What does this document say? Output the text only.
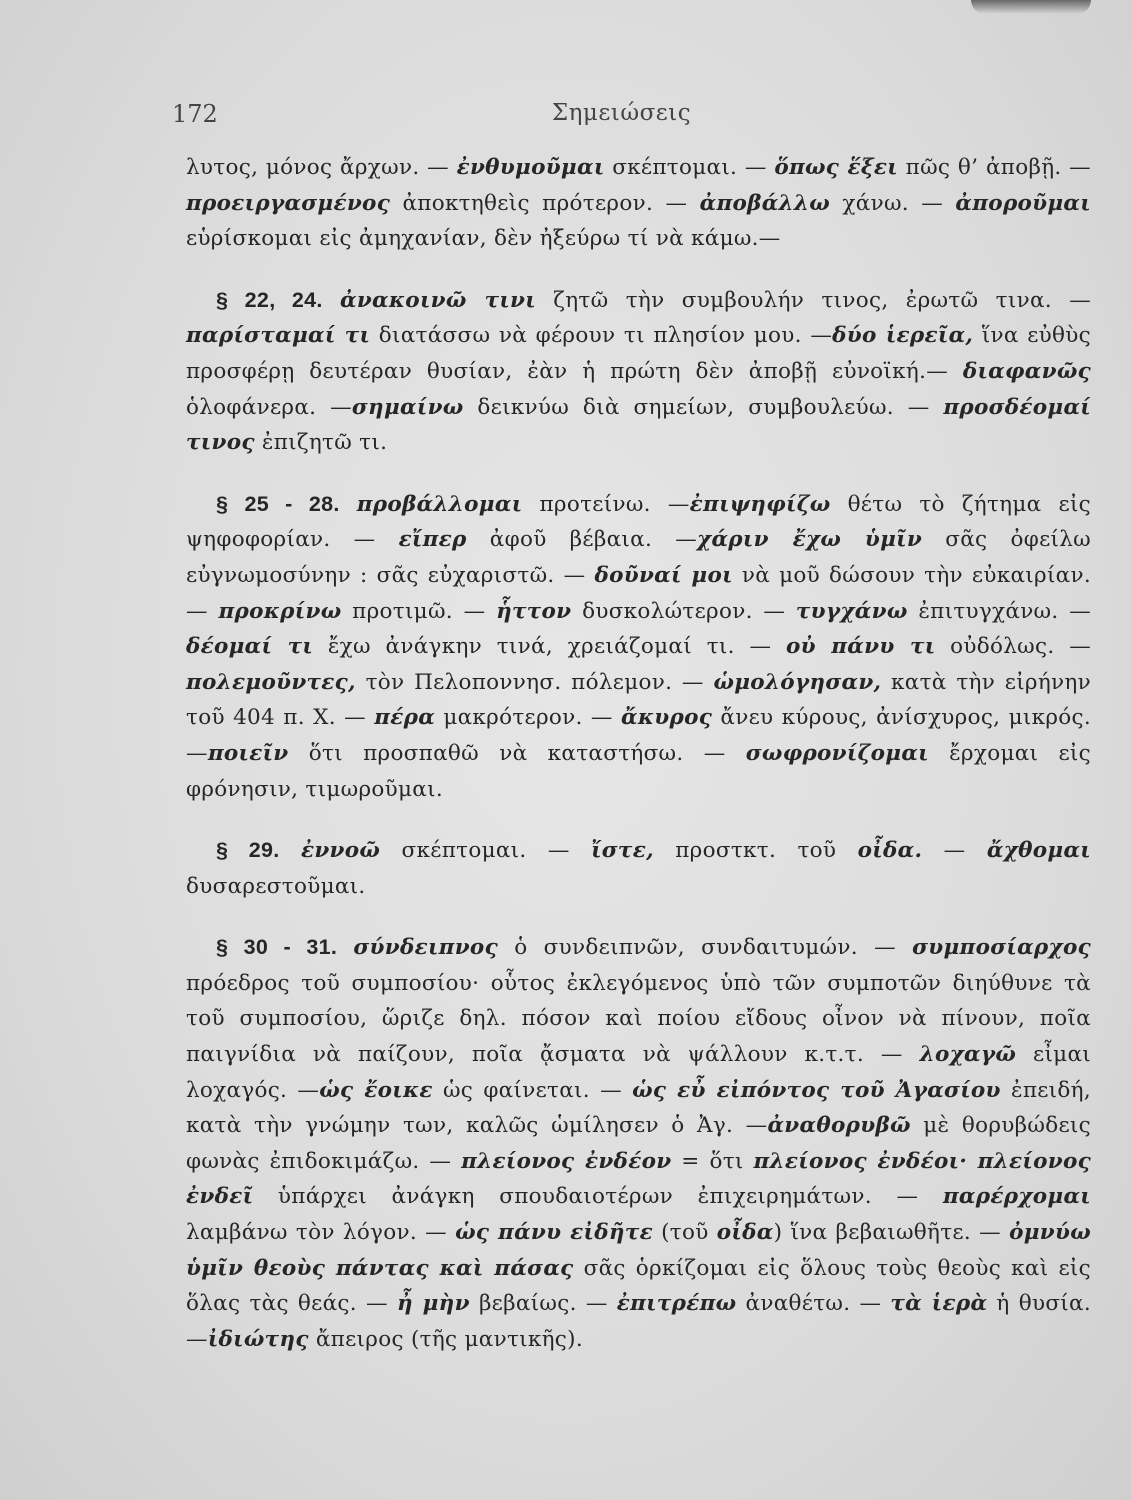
172	Σημειώσεις

λυτος, μόνος ἄρχων. — ἐνθυμοῦμαι σκέπτομαι. — ὅπως ἕξει πῶς θ’ ἀποβῇ. —προειργασμένος ἀποκτηθεὶς πρότερον. — ἀποβάλλω χάνω. — ἀποροῦμαι εὑρίσκομαι εἰς ἀμηχανίαν, δὲν ἠξεύρω τί νὰ κάμω.—

§ 22, 24. ἀνακοινῶ τινι ζητῶ τὴν συμβουλήν τινος, ἐρωτῶ τινα. — παρίσταμαί τι διατάσσω νὰ φέρουν τι πλησίον μου. —δύο ἱερεῖα, ἵνα εὐθὺς προσφέρῃ δευτέραν θυσίαν, ἐὰν ἡ πρώτη δὲν ἀποβῇ εὐνοϊκή.— διαφανῶς ὁλοφάνερα. —σημαίνω δεικνύω διὰ σημείων, συμβουλεύω. — προσδέομαί τινος ἐπιζητῶ τι.

§ 25 - 28. προβάλλομαι προτείνω. —ἐπιψηφίζω θέτω τὸ ζήτημα εἰς ψηφοφορίαν. — εἴπερ ἀφοῦ βέβαια. —χάριν ἔχω ὑμῖν σᾶς ὀφείλω εὐγνωμοσύνην : σᾶς εὐχαριστῶ. — δοῦναί μοι νὰ μοῦ δώσουν τὴν εὐκαιρίαν. — προκρίνω προτιμῶ. — ἧττον δυσκολώτερον. — τυγχάνω ἐπιτυγχάνω. —δέομαί τι ἔχω ἀνάγκην τινά, χρειάζομαί τι. — οὐ πάνυ τι οὐδόλως. —πολεμοῦντες, τὸν Πελοποννησ. πόλεμον. — ὡμολόγησαν, κατὰ τὴν εἰρήνην τοῦ 404 π. Χ. — πέρα μακρότερον. — ἄκυρος ἄνευ κύρους, ἀνίσχυρος, μικρός. —ποιεῖν ὅτι προσπαθῶ νὰ καταστήσω. — σωφρονίζομαι ἔρχομαι εἰς φρόνησιν, τιμωροῦμαι.

§ 29. ἐννοῶ σκέπτομαι. — ἴστε, προστκτ. τοῦ οἶδα. — ἄχθομαι δυσαρεστοῦμαι.

§ 30 - 31. σύνδειπνος ὁ συνδειπνῶν, συνδαιτυμών. — συμποσίαρχος πρόεδρος τοῦ συμποσίου· οὗτος ἐκλεγόμενος ὑπὸ τῶν συμποτῶν διηύθυνε τὰ τοῦ συμποσίου, ὥριζε δηλ. πόσον καὶ ποίου εἴδους οἶνον νὰ πίνουν, ποῖα παιγνίδια νὰ παίζουν, ποῖα ᾄσματα νὰ ψάλλουν κ.τ.τ. — λοχαγῶ εἶμαι λοχαγός. —ὡς ἔοικε ὡς φαίνεται. — ὡς εὖ εἰπόντος τοῦ Ἀγασίου ἐπειδή, κατὰ τὴν γνώμην των, καλῶς ὡμίλησεν ὁ Ἀγ. —ἀναθορυβῶ μὲ θορυβώδεις φωνὰς ἐπιδοκιμάζω. — πλείονος ἐνδέον = ὅτι πλείονος ἐνδέοι· πλείονος ἐνδεῖ ὑπάρχει ἀνάγκη σπουδαιοτέρων ἐπιχειρημάτων. — παρέρχομαι λαμβάνω τὸν λόγον. — ὡς πάνυ εἰδῆτε (τοῦ οἶδα) ἵνα βεβαιωθῆτε. — ὀμνύω ὑμῖν θεοὺς πάντας καὶ πάσας σᾶς ὁρκίζομαι εἰς ὅλους τοὺς θεοὺς καὶ εἰς ὅλας τὰς θεάς. — ἦ μὴν βεβαίως. — ἐπιτρέπω ἀναθέτω. — τὰ ἱερὰ ἡ θυσία. —ἰδιώτης ἄπειρος (τῆς μαντικῆς).
